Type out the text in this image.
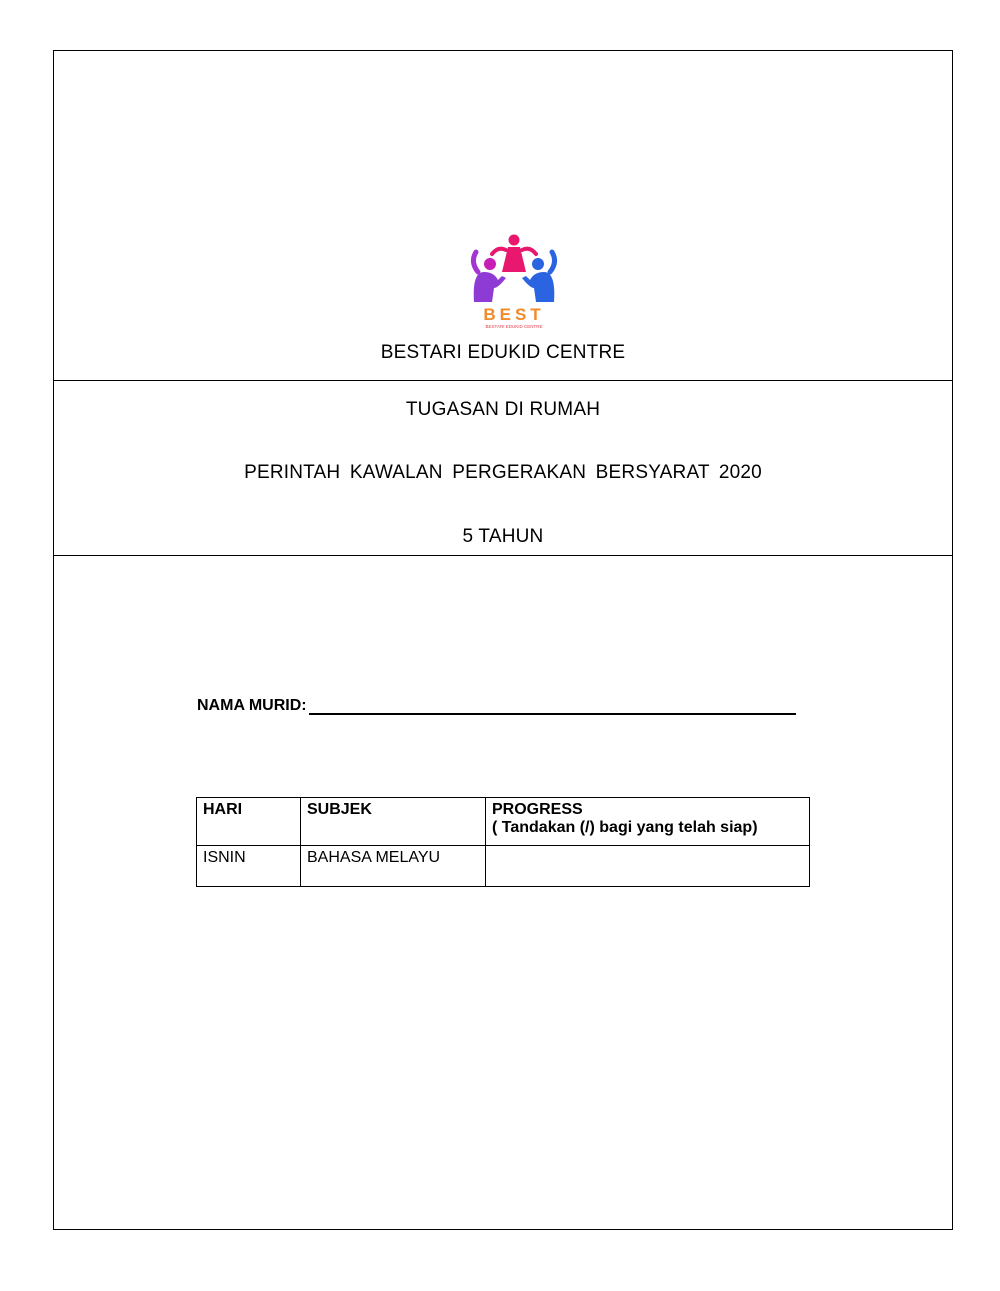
BEST
BESTARI EDUKID CENTRE
BESTARI EDUKID CENTRE
TUGASAN DI RUMAH
PERINTAH KAWALAN PERGERAKAN BERSYARAT 2020
5 TAHUN
NAMA MURID:
HARI	SUBJEK	PROGRESS
( Tandakan (/) bagi yang telah siap)

ISNIN	BAHASA MELAYU	
